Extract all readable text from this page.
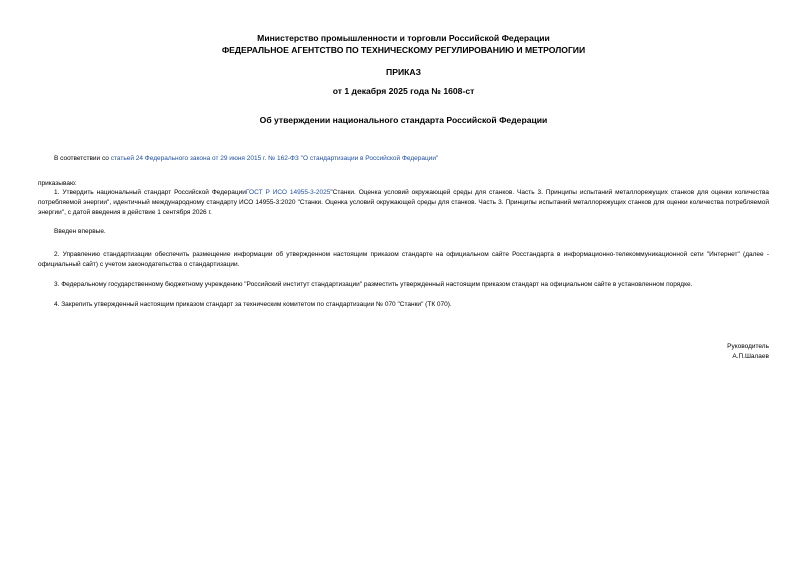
Министерство промышленности и торговли Российской Федерации
ФЕДЕРАЛЬНОЕ АГЕНТСТВО ПО ТЕХНИЧЕСКОМУ РЕГУЛИРОВАНИЮ И МЕТРОЛОГИИ
ПРИКАЗ
от 1 декабря 2025 года № 1608-ст
Об утверждении национального стандарта Российской Федерации
В соответствии со статьей 24 Федерального закона от 29 июня 2015 г. № 162-ФЗ "О стандартизации в Российской Федерации"
приказываю:
1. Утвердить национальный стандарт Российской ФедерацииГОСТ Р ИСО 14955-3-2025"Станки. Оценка условий окружающей среды для станков. Часть 3. Принципы испытаний металлорежущих станков для оценки количества потребляемой энергии", идентичный международному стандарту ИСО 14955-3:2020 "Станки. Оценка условий окружающей среды для станков. Часть 3. Принципы испытаний металлорежущих станков для оценки количества потребляемой энергии", с датой введения в действие 1 сентября 2026 г.
Введен впервые.
2. Управлению стандартизации обеспечить размещение информации об утвержденном настоящим приказом стандарте на официальном сайте Росстандарта в информационно-телекоммуникационной сети "Интернет" (далее - официальный сайт) с учетом законодательства о стандартизации.
3. Федеральному государственному бюджетному учреждению "Российский институт стандартизации" разместить утвержденный настоящим приказом стандарт на официальном сайте в установленном порядке.
4. Закрепить утвержденный настоящим приказом стандарт за техническим комитетом по стандартизации № 070 "Станки" (ТК 070).
Руководитель
А.П.Шалаев
